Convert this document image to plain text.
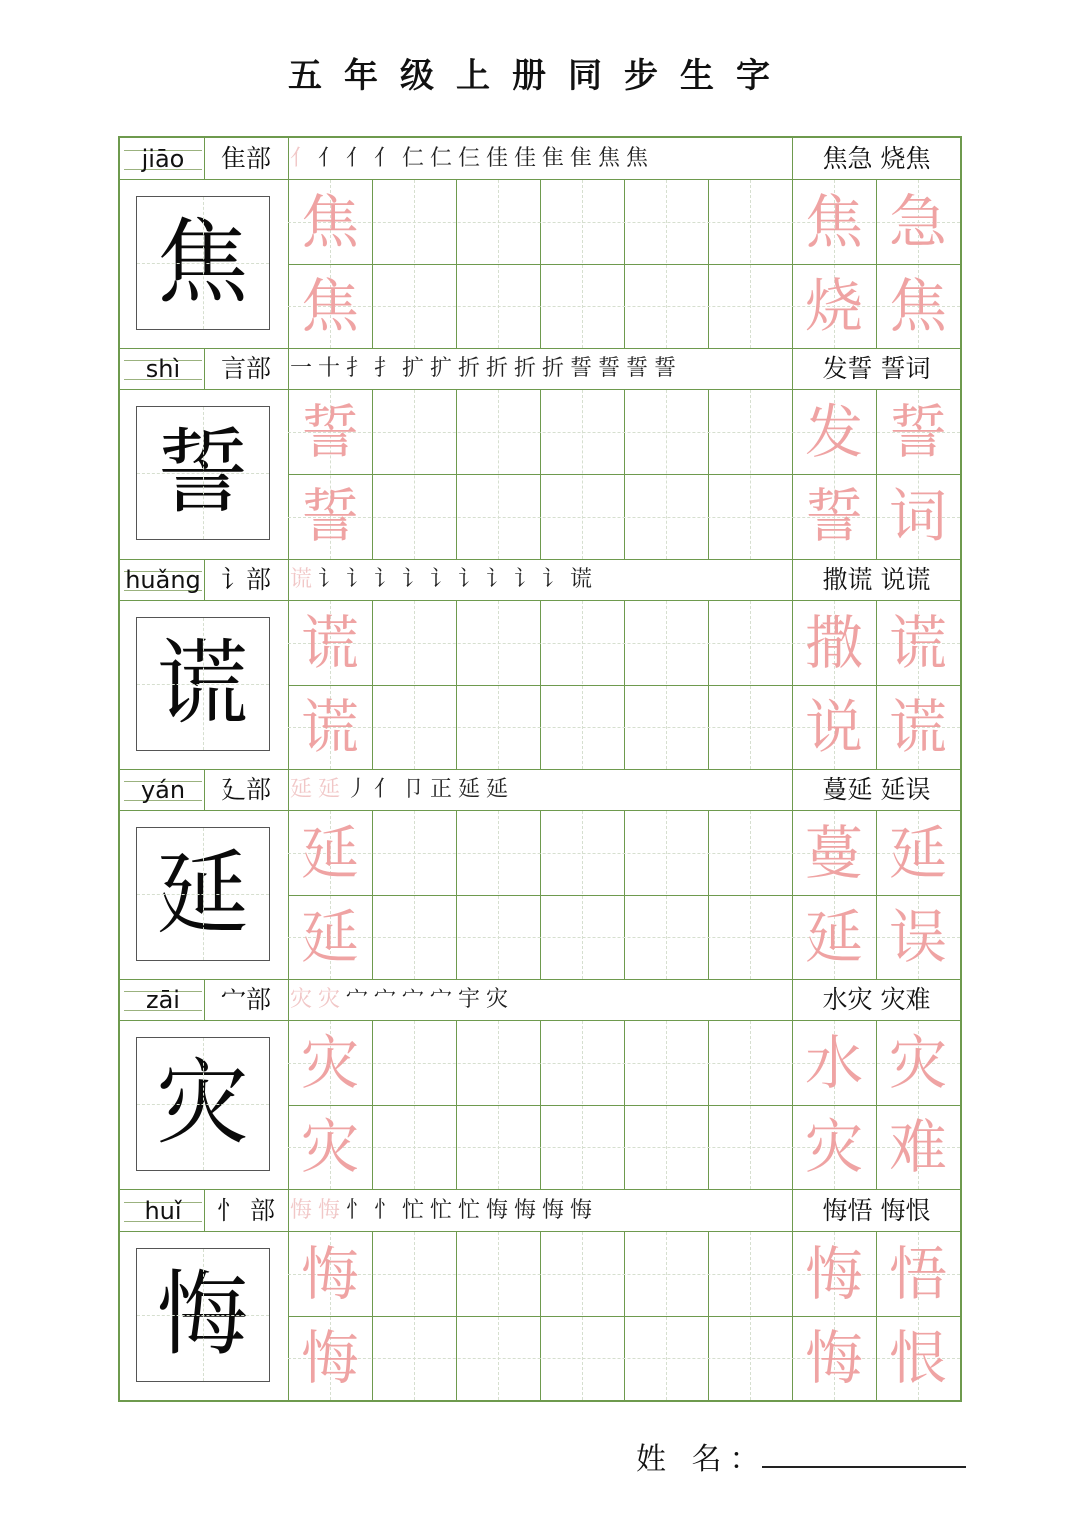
五年级上册同步生字
jiāo	隹部 亻亻亻亻仁仁仨佳佳隹隹焦焦	焦急 烧焦
焦
焦
焦 急
烧 焦
焦
shì	言部 一十扌扌扩扩折折折折誓誓誓誓	发誓 誓词
誓
誓
发 誓
誓 词
誓
huǎng 讠部 谎讠讠讠讠讠讠讠讠讠谎	撒谎 说谎
谎
谎
撒 谎
说 谎
谎
yán	廴部 延延丿亻卩正延延	蔓延 延误
延
延
蔓 延
延 误
延
zāi	宀部 灾灾宀宀宀宀宇灾	水灾 灾难
灾
灾
水 灾
灾 难
灾
huǐ	忄 部 悔悔忄忄忙忙忙悔悔悔悔	悔悟 悔恨
悔
悔
悔 悟
悔 恨
悔
姓 名：
